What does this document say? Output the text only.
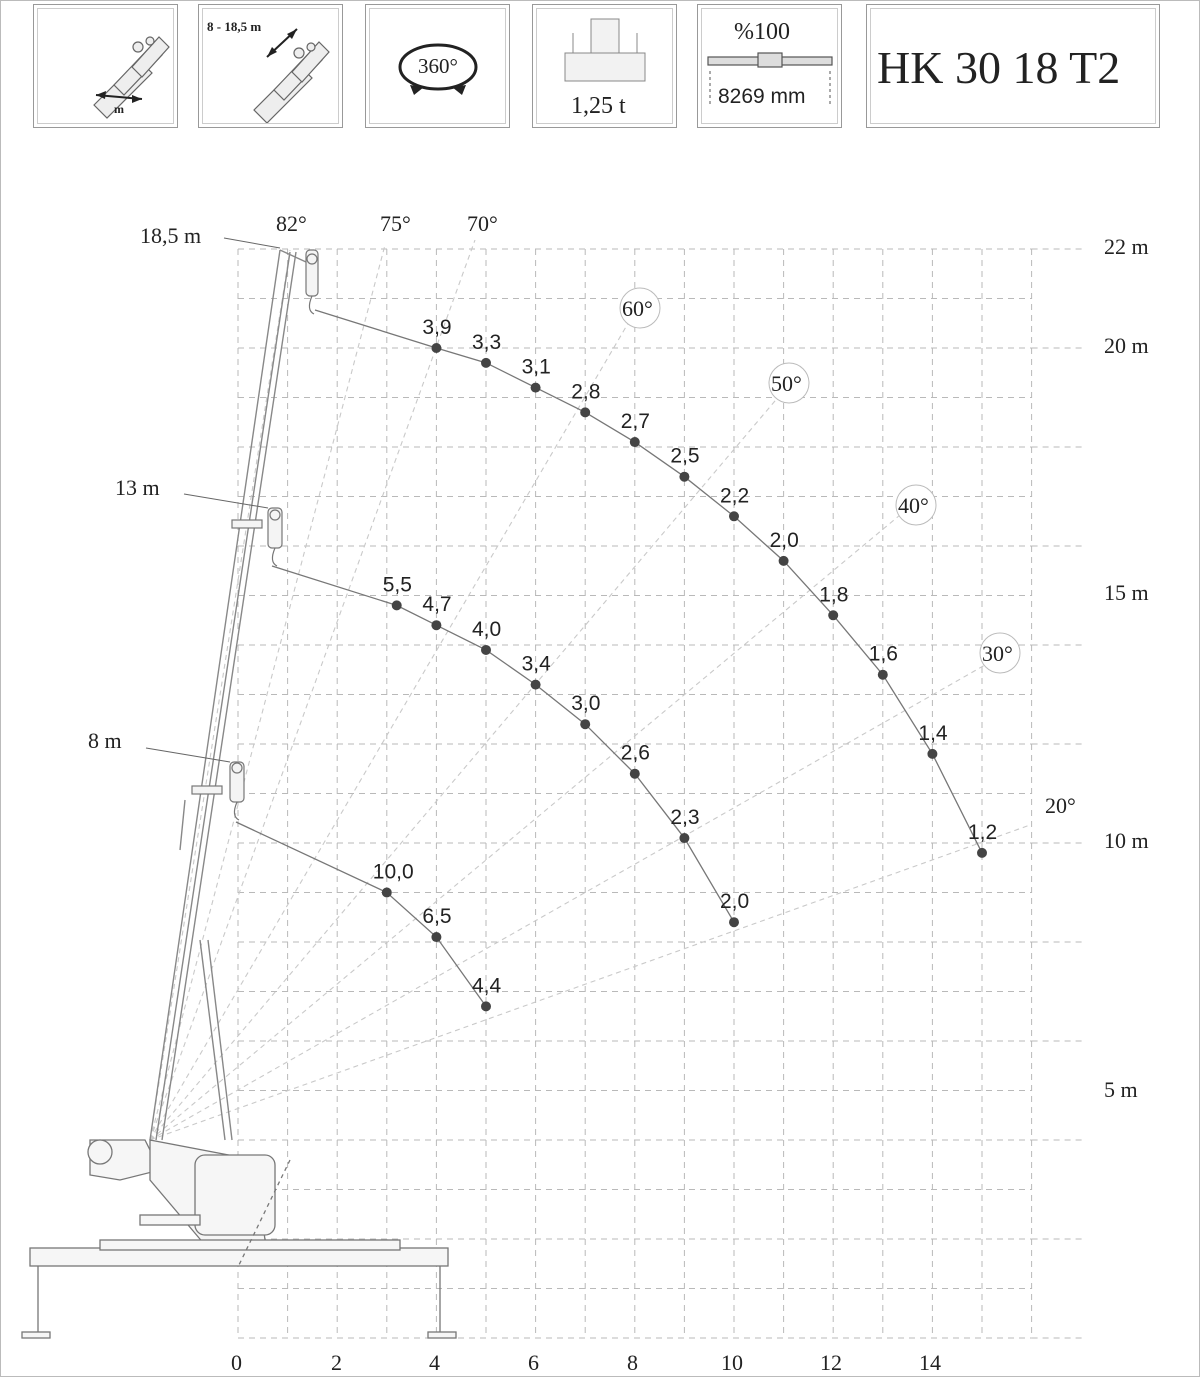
m
8 - 18,5 m
360°
1,25 t
%100
8269 mm
HK 30 18 T2
3,9
3,3
3,1
2,8
2,7
2,5
2,2
2,0
1,8
1,6
1,4
1,2
5,5
4,7
4,0
3,4
3,0
2,6
2,3
2,0
10,0
6,5
4,4
18,5 m
13 m
8 m
82°	75°	70°
60°
50°
40°
30°
20°
22 m
20 m
15 m
10 m
5 m
0	2	4	6	8	10	12	14
